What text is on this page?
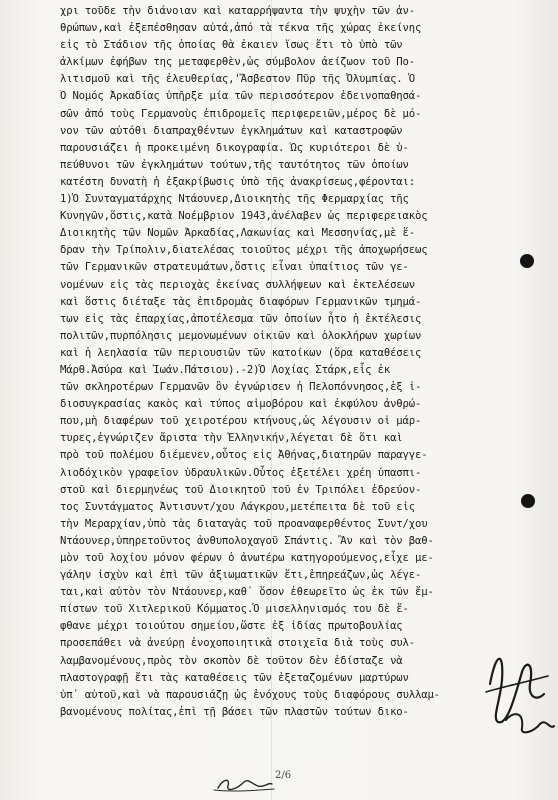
χρι τοῦδε τὴν διάνοιαν καὶ καταρρήψαντα τὴν ψυχὴν τῶν ἀν-
θρώπων,καὶ ἐξεπέσθησαν αὐτά,ἀπό τὰ τέκνα τῆς χώρας ἐκείνης
εἰς τὸ Στάδιον τῆς ὁποίας θὰ ἐκαιεν ἴσως ἔτι τὸ ὑπὸ τῶν
ἀλκίμων ἐφήβων της μεταφερθὲν,ὡς σύμβολον ἀείζωον τοῦ Πο-
λιτισμοῦ καὶ τῆς ἐλευθερίας,'Ἄσβεστον Πῦρ τῆς Ὀλυμπίας. Ὁ
Ὁ Νομός Ἀρκαδίας ὑπῆρξε μία τῶν περισσότερον ἐδεινοπαθησά-
σῶν ἀπό τοὺς Γερμανοὺς ἐπιδρομεῖς περιφερειῶν,μέρος δὲ μό-
νον τῶν αὐτόθι διαπραχθέντων ἐγκλημάτων καὶ καταστροφῶν
παρουσιάζει ἡ προκειμένη δικογραφία. Ὡς κυριότεροι δὲ ὑ-
πεύθυνοι τῶν ἐγκλημάτων τούτων,τῆς ταυτότητος τῶν ὁποίων
κατέστη δυνατὴ ἡ ἐξακρίβωσις ὑπὸ τῆς ἀνακρίσεως,φέρονται:
1)Ὁ Συνταγματάρχης Ντάουνερ,Διοικητὴς τῆς Φερμαρχίας τῆς
Κυνηγῶν,ὅστις,κατὰ Νοέμβριον 1943,ἀνέλαβεν ὡς περιφερειακὸς
Διοικητὴς τῶν Νομῶν Ἀρκαδίας,Λακωνίας καὶ Μεσσηνίας,μὲ ἕ-
δραν τὴν Τρίπολιν,διατελέσας τοιοῦτος μέχρι τῆς ἀποχωρήσεως
τῶν Γερμανικῶν στρατευμάτων,ὅστις εἶναι ὑπαίτιος τῶν γε-
νομένων εἰς τὰς περιοχὰς ἐκείνας συλλήψεων καὶ ἐκτελέσεων
καὶ ὅστις διέταξε τὰς ἐπιδρομὰς διαφόρων Γερμανικῶν τμημά-
των εἰς τὰς ἐπαρχίας,ἀποτέλεσμα τῶν ὁποίων ἦτο ἡ ἐκτέλεσις
πολιτῶν,πυρπόλησις μεμονωμένων οἰκιῶν καὶ ὁλοκλήρων χωρίων
καὶ ἡ λεηλασία τῶν περιουσιῶν τῶν κατοίκων (ὅρα καταθέσεις
Μάρθ.Ἀσύρα καὶ Ἰωάν.Πάτσιου).-2)Ὁ Λοχίας Στάρκ,εἷς ἐκ
τῶν σκληροτέρων Γερμανῶν ὃν ἐγνώρισεν ἡ Πελοπόννησος,ἐξ ἰ-
διοσυγκρασίας κακὸς καὶ τύπος αἱμοβόρου καὶ ἐκφύλου ἀνθρώ-
που,μὴ διαφέρων τοῦ χειροτέρου κτήνους,ὡς λέγουσιν οἱ μάρ-
τυρες,ἐγνώριζεν ἄριστα τὴν Ἑλληνικήν,λέγεται δὲ ὅτι καὶ
πρὸ τοῦ πολέμου διέμενεν,οὗτος εἰς Ἀθήνας,διατηρῶν παραγγε-
λιοδόχικὸν γραφεῖον ὑδραυλικῶν.Οὗτος ἐξετέλει χρέη ὑπασπι-
στοῦ καὶ διερμηνέως τοῦ Διοικητοῦ τοῦ ἐν Τριπόλει ἑδρεύον-
τος Συντάγματος Ἀντισυντ/χου Λάγκρου,μετέπειτα δὲ τοῦ εἰς
τὴν Μεραρχίαν,ὑπὸ τὰς διαταγὰς τοῦ προαναφερθέντος Συντ/χου
Ντάουνερ,ὑπηρετοῦντος ἀνθυπολοχαγοῦ Σπάντις. Ἂν καὶ τὸν βαθ-
μὸν τοῦ λοχίου μόνον φέρων ὁ ἀνωτέρω κατηγορούμενος,εἶχε με-
γάλην ἰσχὺν καὶ ἐπὶ τῶν ἀξιωματικῶν ἔτι,ἐπηρεάζων,ὡς λέγε-
ται,καὶ αὐτὸν τὸν Ντάουνερ,καθ᾽ ὅσον ἐθεωρεῖτο ὡς ἐκ τῶν ἔμ-
πίστων τοῦ Χιτλερικοῦ Κόμματος.Ὁ μισελληνισμός του δὲ ἔ-
φθανε μέχρι τοιούτου σημείου,ὥστε ἐξ ἰδίας πρωτοβουλίας
προσεπάθει νὰ ἀνεύρῃ ἐνοχοποιητικὰ στοιχεῖα διὰ τοὺς συλ-
λαμβανομένους,πρὸς τὸν σκοπὸν δὲ τοῦτον δὲν ἐδίσταζε νὰ
πλαστογραφῇ ἔτι τὰς καταθέσεις τῶν ἐξεταζομένων μαρτύρων
ὑπ᾽ αὐτοῦ,καὶ νὰ παρουσιάζῃ ὡς ἐνόχους τοὺς διαφόρους συλλαμ-
βανομένους πολίτας,ἐπὶ τῇ βάσει τῶν πλαστῶν τούτων δικο-
2/6
